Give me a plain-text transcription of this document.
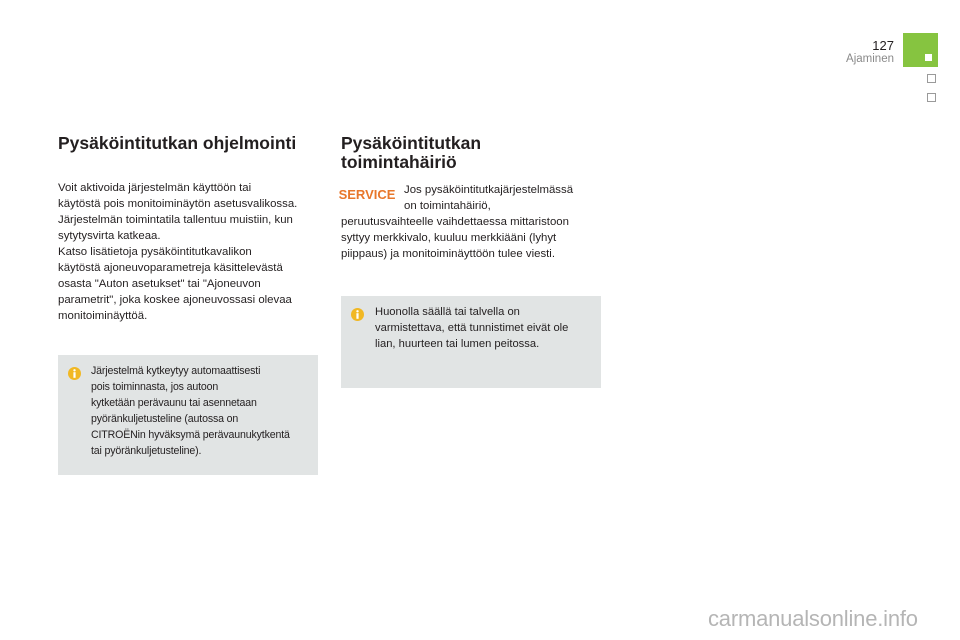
127
Ajaminen
Pysäköintitutkan ohjelmointi
Voit aktivoida järjestelmän käyttöön tai
käytöstä pois monitoiminäytön asetusvalikossa.
Järjestelmän toimintatila tallentuu muistiin, kun
sytytysvirta katkeaa.
Katso lisätietoja pysäköintitutkavalikon
käytöstä ajoneuvoparametreja käsittelevästä
osasta "Auton asetukset" tai "Ajoneuvon
parametrit", joka koskee ajoneuvossasi olevaa
monitoiminäyttöä.
Järjestelmä kytkeytyy automaattisesti
pois toiminnasta, jos autoon
kytketään perävaunu tai asennetaan
pyöränkuljetusteline (autossa on
CITROËNin hyväksymä perävaunukytkentä
tai pyöränkuljetusteline).
Pysäköintitutkan
toimintahäiriö
SERVICE Jos pysäköintitutkajärjestelmässä
on toimintahäiriö,
peruutusvaihteelle vaihdettaessa mittaristoon
syttyy merkkivalo, kuuluu merkkiääni (lyhyt
piippaus) ja monitoiminäyttöön tulee viesti.
Huonolla säällä tai talvella on
varmistettava, että tunnistimet eivät ole
lian, huurteen tai lumen peitossa.
carmanualsonline.info
